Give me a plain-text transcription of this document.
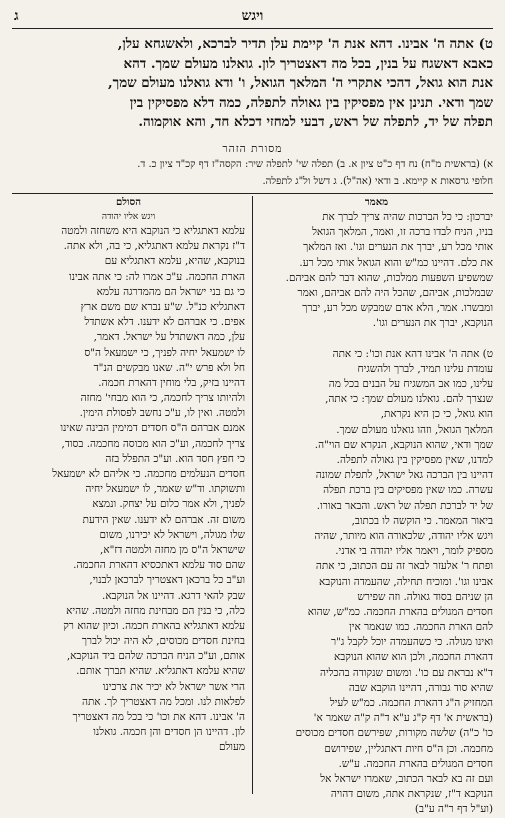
ויגש
ג
ט) אתה ה' אבינו. דהא אנת ה' קיימת עלן תדיר לברכא, ולאשגחא עלן,
כאבא דאשגח על בנין, בכל מה דאצטריך לון. גואלנו מעולם שמך. דהא
אנת הוא גואל, דהכי אתקרי ה' המלאך הגואל, ו' ודא גואלנו מעולם שמך,
שמך ודאי. תנינן אין מפסיקין בין גאולה לתפלה, כמה דלא מפסיקין בין
תפלה של יד, לתפלה של ראש, דבעי למחזי דכלא חד, והא אוקמוה.
מסורת הזהר
א) (בראשית מ"ח) נח דף כ"ט ציון א. ב) תפלה שי' לתפלה שיר: הקסה"ז דף קכ"ד ציון כ. ד.
חלופי גרסאות א קיימא. ב ודאי (אה"ל). ג דשל ול"ג לתפלה.
מאמר
יברכון: כי כל הברכות שהיה צריך לברך את
בניו, הניח לבדו ברכה זו, ואמר, המלאך הגואל
אותי מכל רע, יברך את הנערים וגו'. ואז המלאך
את כלם. דהיינו כמ"ש והוא הגואל אותי מכל רע.
שמשפיע השפעות ממלכות, שהוא דבר להם אביהם.
שבמלכות, אביהם, שהכל היה להם אביהם, ואמר
ומבשרו. אמר, הלא אדם שמבקש מכל רע, יברך
הנוקבא, יברך את הנערים וגו'.
ט) אתה ה' אבינו דהא אנת וכו': כי אתה
עומדת עלינו תמיד, לברך ולהשגיח
עלינו, כמו אב המשגיח על הבנים בכל מה
שנצרך להם. גואלנו מעולם שמך: כי אתה,
הוא גואל, כי כן היא נקראת,
המלאך הגואל, וזהו גואלנו מעולם שמך.
שמך ודאי, שהוא הנוקבא, הנקרא שם הוי"ה.
למדנו, שאין מפסיקין בין גאולה לתפלה.
דהיינו בין הברכה גאל ישראל, לתפלת שמונה
עשרה. כמו שאין מפסיקים בין ברכת תפלה
של יד לברכת תפלה של ראש. והבאר באורו.
ביאור המאמר. כי הוקשה לו בכתוב,
ויגש אליו יהודה, שלכאורה הוא מיותר, שהיה
מספיק לומר, ויאמר אליו יהודה בי אדני.
ופתח ר' אלעזר לבאר זה עם הכתוב, כי אתה
אבינו וגו'. ומוכיח תחילה, שהעמדה והנוקבא
הן שניהם בסוד גאולה. וזה שפירש
חסדים המגולים בהארת החכמה. כמ"ש, שהוא
להם הארת החכמה. כמו שנאמר אין
ואינו מגולה. כי כשהעמדה יוכל לקבל ג"ר
דהארת החכמה, ולכן הוא שהוא הנוקבא
ד"א נבראת עם כו'. ומשום שנקודה בהכליה
שהיא סוד גבורה, דהיינו הוקבא שבה
המחזיק ה"ג דהארת החכמה. כמ"ש לעיל
(בראשית א' דף ק"ג ע"א ד"ה ק"ה שאמר א'
כו' כ"ה) שלשה מקורות, שפירשם חסדים מכוסים
מחכמה. וכן ה"ס חיות דאתגליין, שפירושם
חסדים המגולים בהארת החכמה. ע"ש.
ועם זה בא לבאר הכתוב, שאמרו ישראל אל
הנוקבא ד"ז, שנקראת אתה, משום דהויה
(וע"ל דף ר"ה ע"ב)
הסולם
ויגש אליו יהודה
עלמא דאתגליא כי הנוקבא היא משחזה ולמטה
ד"ז נקראת עלמא דאתגליא, כי בה, ולא אתה.
בנוקבא, שהיא, עלמא דאתגליא עם
הארת החכמה. ע"כ אמרו לה: כי אתה אבינו
כי גם בני ישראל הם מהמדרגה עלמא
דאתגליא כנ"ל. ש"ע נברא שם משם ארץ
אפים. כי אברהם לא ידענו. דלא אשתדל
עלן, כמה דאשתדל על ישראל. דאמר,
לו ישמעאל יחיה לפניך, כי ישמעאל ה"ס
חל ולא פרש י"ה. שאנו מבקשים הנ"ד
דהיינו בזיק, בלי מוחין דהארת חכמה.
ולהיותו צריך לחכמה, כי הוא מבחי' מחזה
ולמטה. ואין לו, ע"כ נחשב לפסולת הימין.
אמנם אברהם ה"ס חסדים דמימין הבינה שאינו
צריך לחכמה, וע"כ הוא מכוסה מחכמה. בסוד,
כי חפץ חסד הוא. וע"כ התפלל בזה
חסדים הנעלמים מחכמה. כי אליהם לא ישמעאל
ותשוקתו. וד"ש שאמר, לו ישמעאל יחיה
לפניך, ולא אמר כלום על יצחק. ונמצא
משום זה. אברהם לא ידענו. שאין הידעת
שלו מגולה, וישראל לא יכירנו, משום
שישראל ה"ס מן מחזה ולמטה דז"א,
שהם סוד עלמא דאתכסיא דהארת החכמה.
וע"ב כל ברכאן דאצטריך לברכאן לבנוי,
שבק להאי דרגא. דהיינו אל הנוקבא.
כלה, כי בנין הם מבחינת מחזה ולמטה. שהיא
עלמא דאתגליא בהארת חכמה. וכיון שהוא רק
בחינת חסדים מכוסים, לא היה יכול לברך
אותם, וע"כ הניח הברכה שלהם ביד הנוקבא,
שהיא עלמא דאתגליא. שהיא תברך אותם.
הרי אשר ישראל לא יכיר את צרכינו
לפלאות לנו. ומכל מה דאצטריך לך. אתה
ה' אבינו. דהא את וכו' כי בכל מה דאצטריך
לון. דהיינו הן חסדים והן חכמה. גואלנו
מעולם
